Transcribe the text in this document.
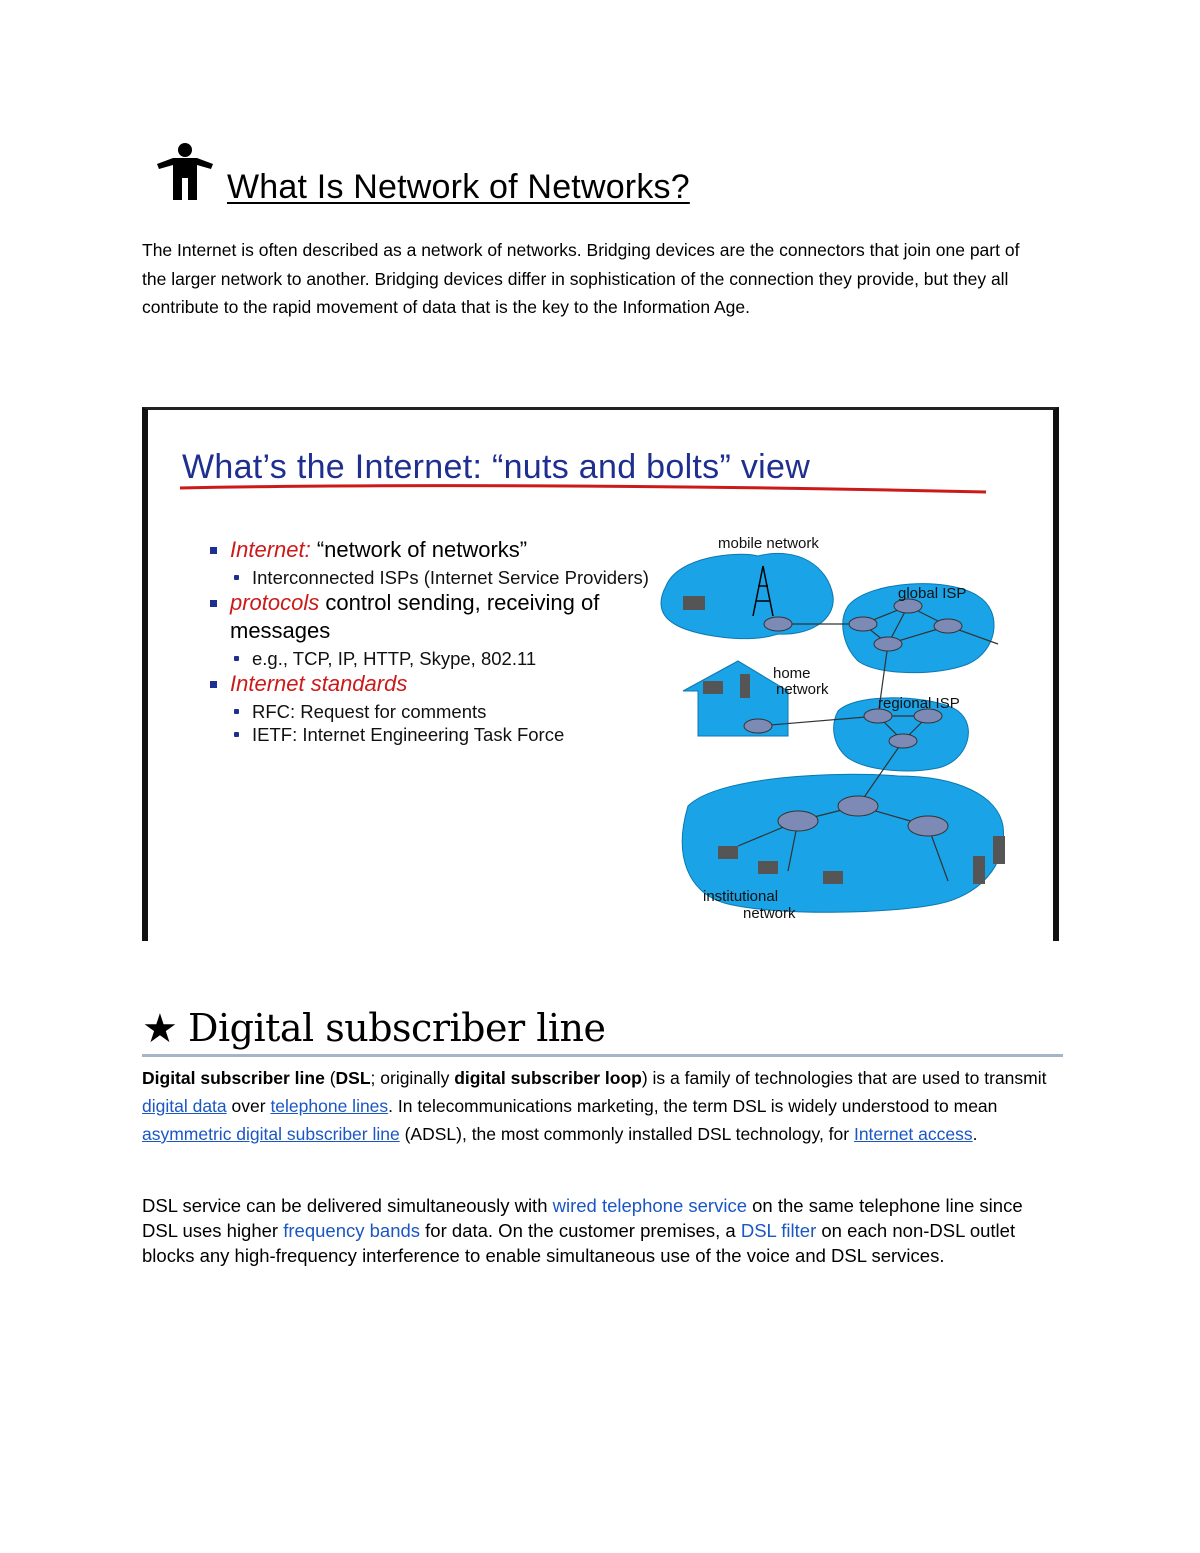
What Is Network of Networks?
The Internet is often described as a network of networks. Bridging devices are the connectors that join one part of the larger network to another. Bridging devices differ in sophistication of the connection they provide, but they all contribute to the rapid movement of data that is the key to the Information Age.
What’s the Internet: “nuts and bolts” view
Internet: “network of networks”
Interconnected ISPs (Internet Service Providers)
protocols control sending, receiving of messages
e.g., TCP, IP, HTTP, Skype, 802.11
Internet standards
RFC: Request for comments
IETF: Internet Engineering Task Force
mobile network
global ISP
home
network
regional ISP
institutional
network
★ Digital subscriber line
Digital subscriber line (DSL; originally digital subscriber loop) is a family of technologies that are used to transmit digital data over telephone lines. In telecommunications marketing, the term DSL is widely understood to mean asymmetric digital subscriber line (ADSL), the most commonly installed DSL technology, for Internet access.
DSL service can be delivered simultaneously with wired telephone service on the same telephone line since DSL uses higher frequency bands for data. On the customer premises, a DSL filter on each non-DSL outlet blocks any high-frequency interference to enable simultaneous use of the voice and DSL services.
